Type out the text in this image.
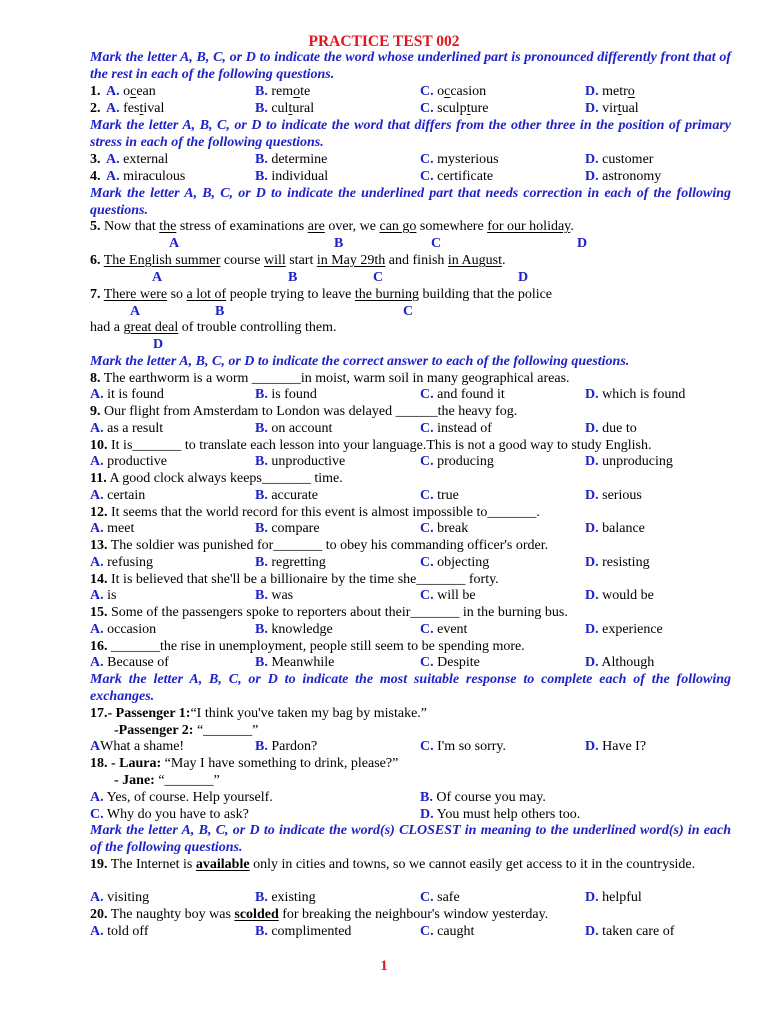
PRACTICE TEST 002
Mark the letter A, B, C, or D to indicate the word whose underlined part is pronounced differently front that of the rest in each of the following questions.
1. A. ocean	B. remote	C. occasion	D. metro
2. A. festival	B. cultural	C. sculpture	D. virtual
Mark the letter A, B, C, or D to indicate the word that differs from the other three in the position of primary stress in each of the following questions.
3. A. external	B. determine	C. mysterious	D. customer
4. A. miraculous	B. individual	C. certificate	D. astronomy
Mark the letter A, B, C, or D to indicate the underlined part that needs correction in each of the following questions.
5. Now that the stress of examinations are over, we can go somewhere for our holiday.
A	B	C	D
6. The English summer course will start in May 29th and finish in August.
A	B	C	D
7. There were so a lot of people trying to leave the burning building that the police
A	B	C
had a great deal of trouble controlling them.
D
Mark the letter A, B, C, or D to indicate the correct answer to each of the following questions.
8. The earthworm is a worm _______in moist, warm soil in many geographical areas.
A. it is found	B. is found	C. and found it	D. which is found
9. Our flight from Amsterdam to London was delayed ______the heavy fog.
A. as a result	B. on account	C. instead of	D. due to
10. It is_______ to translate each lesson into your language.This is not a good way to study English.
A. productive	B. unproductive	C. producing	D. unproducing
11. A good clock always keeps_______ time.
A. certain	B. accurate	C. true	D. serious
12. It seems that the world record for this event is almost impossible to_______.
A. meet	B. compare	C. break	D. balance
13. The soldier was punished for_______ to obey his commanding officer's order.
A. refusing	B. regretting	C. objecting	D. resisting
14. It is believed that she'll be a billionaire by the time she_______ forty.
A. is	B. was	C. will be	D. would be
15. Some of the passengers spoke to reporters about their_______ in the burning bus.
A. occasion	B. knowledge	C. event	D. experience
16. _______the rise in unemployment, people still seem to be spending more.
A. Because of	B. Meanwhile	C. Despite	D. Although
Mark the letter A, B, C, or D to indicate the most suitable response to complete each of the following exchanges.
17.- Passenger 1:“I think you've taken my bag by mistake.”
-Passenger 2: “_______”
AWhat a shame!	B. Pardon?	C. I'm so sorry.	D. Have I?
18. - Laura: “May I have something to drink, please?”
- Jane: “_______”
A. Yes, of course. Help yourself.	B. Of course you may.
C. Why do you have to ask?	D. You must help others too.
Mark the letter A, B, C, or D to indicate the word(s) CLOSEST in meaning to the underlined word(s) in each of the following questions.
19. The Internet is available only in cities and towns, so we cannot easily get access to it in the countryside.
A. visiting	B. existing	C. safe	D. helpful
20. The naughty boy was scolded for breaking the neighbour's window yesterday.
A. told off	B. complimented	C. caught	D. taken care of
1
